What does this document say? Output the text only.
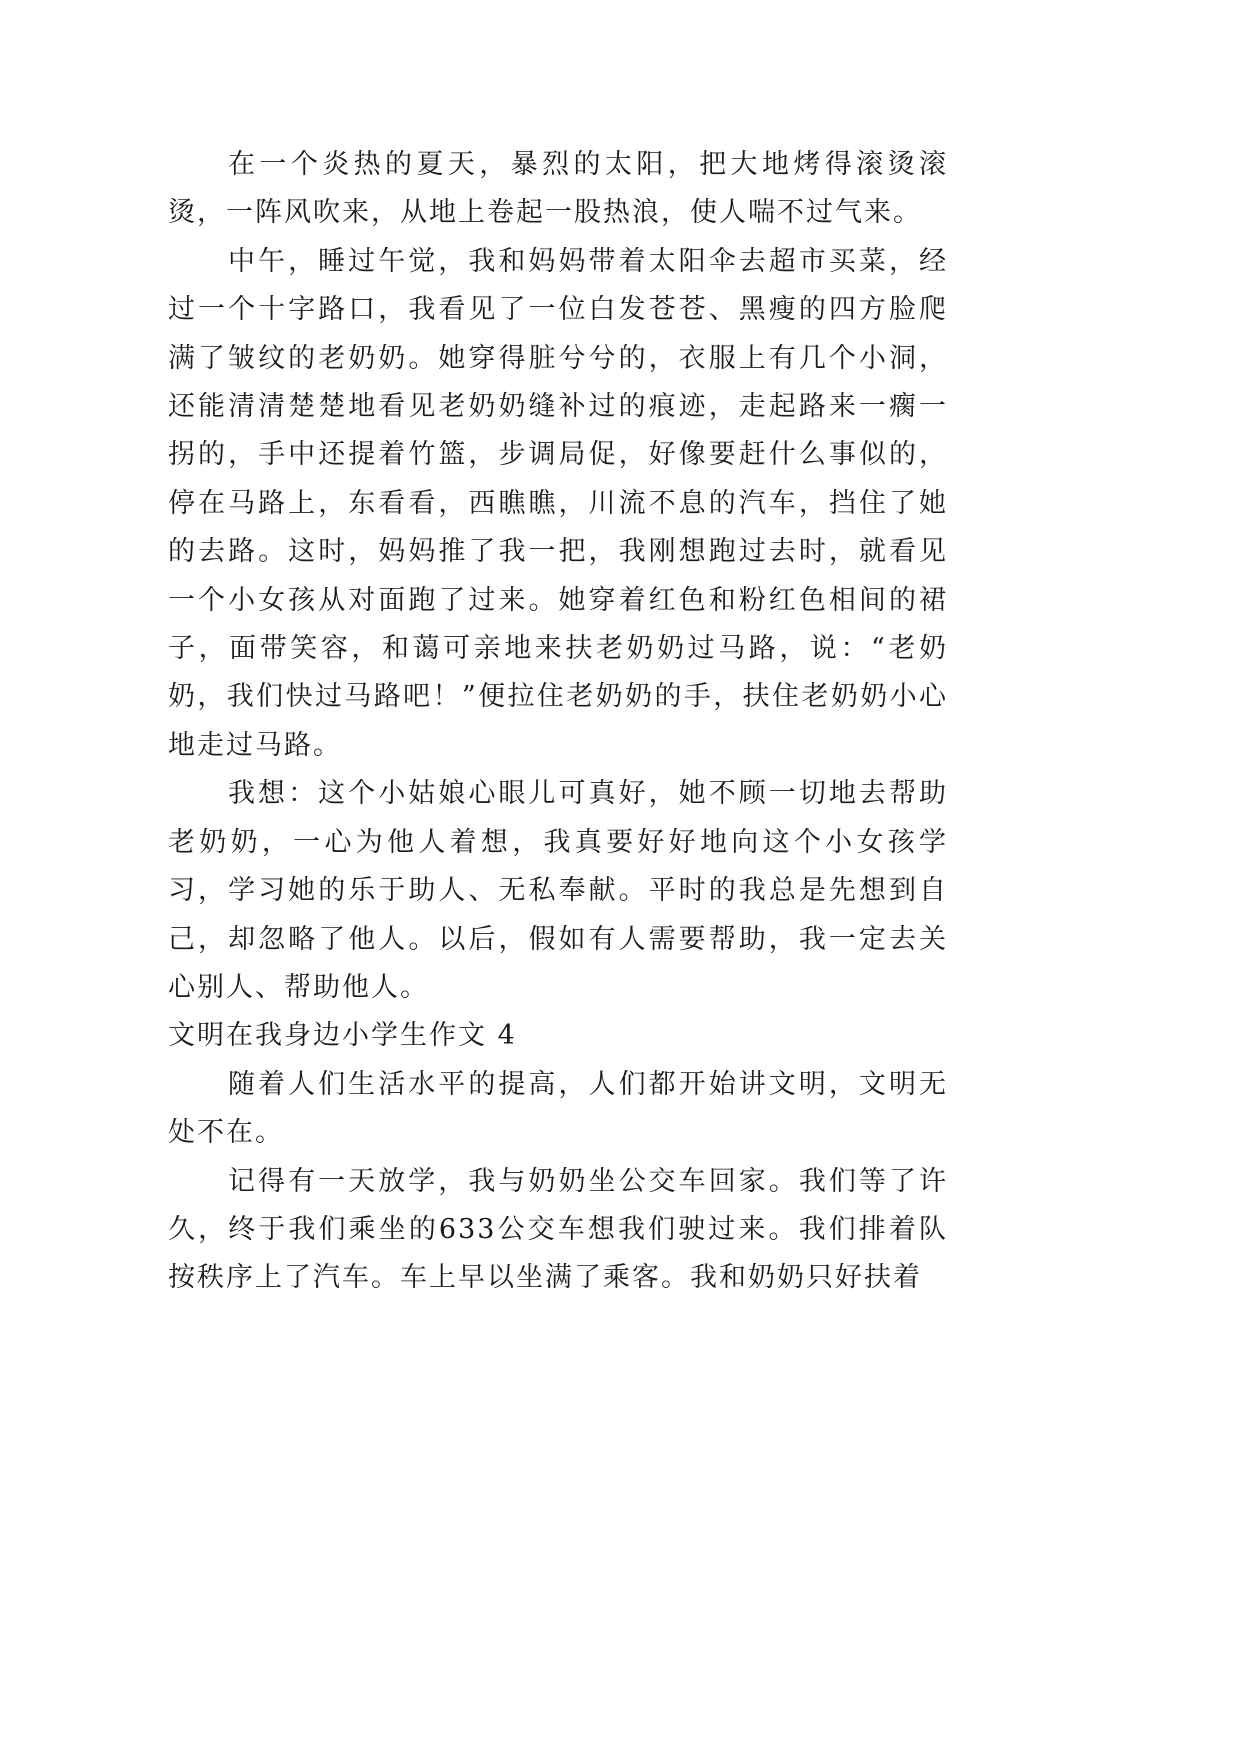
在一个炎热的夏天，暴烈的太阳，把大地烤得滚烫滚烫，一阵风吹来，从地上卷起一股热浪，使人喘不过气来。

中午，睡过午觉，我和妈妈带着太阳伞去超市买菜，经过一个十字路口，我看见了一位白发苍苍、黑瘦的四方脸爬满了皱纹的老奶奶。她穿得脏兮兮的，衣服上有几个小洞，还能清清楚楚地看见老奶奶缝补过的痕迹，走起路来一瘸一拐的，手中还提着竹篮，步调局促，好像要赶什么事似的，停在马路上，东看看，西瞧瞧，川流不息的汽车，挡住了她的去路。这时，妈妈推了我一把，我刚想跑过去时，就看见一个小女孩从对面跑了过来。她穿着红色和粉红色相间的裙子，面带笑容，和蔼可亲地来扶老奶奶过马路，说：“老奶奶，我们快过马路吧！”便拉住老奶奶的手，扶住老奶奶小心地走过马路。

我想：这个小姑娘心眼儿可真好，她不顾一切地去帮助老奶奶，一心为他人着想，我真要好好地向这个小女孩学习，学习她的乐于助人、无私奉献。平时的我总是先想到自己，却忽略了他人。以后，假如有人需要帮助，我一定去关心别人、帮助他人。

文明在我身边小学生作文 4

随着人们生活水平的提高，人们都开始讲文明，文明无处不在。

记得有一天放学，我与奶奶坐公交车回家。我们等了许久，终于我们乘坐的633公交车想我们驶过来。我们排着队按秩序上了汽车。车上早以坐满了乘客。我和奶奶只好扶着
